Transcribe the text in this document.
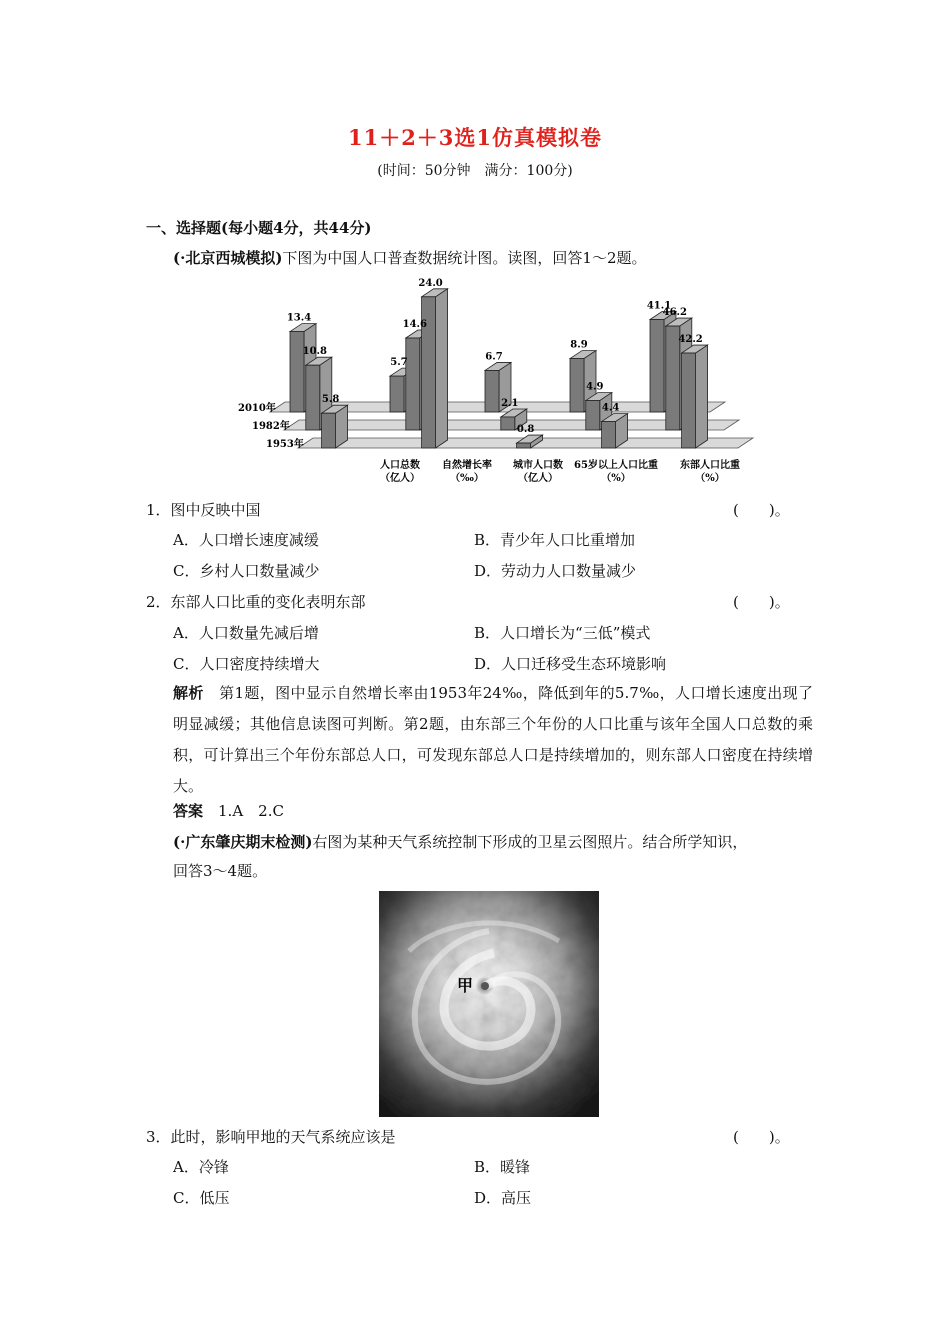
11＋2＋3选1仿真模拟卷
(时间：50分钟　满分：100分)
一、选择题(每小题4分，共44分)
(·北京西城模拟)下图为中国人口普查数据统计图。读图，回答1～2题。
2010年
1982年
1953年
13.4
5.7
6.7
8.9
41.1
10.8
14.6
2.1
4.9
46.2
5.8
24.0
0.8
4.4
42.2
人口总数
（亿人）
自然增长率
（‰）
城市人口数
（亿人）
65岁以上人口比重
（%）
东部人口比重
（%）
1．图中反映中国	(　　)。
A．人口增长速度减缓	B．青少年人口比重增加
C．乡村人口数量减少	D．劳动力人口数量减少
2．东部人口比重的变化表明东部	(　　)。
A．人口数量先减后增	B．人口增长为“三低”模式
C．人口密度持续增大	D．人口迁移受生态环境影响
解析　第1题，图中显示自然增长率由1953年24‰，降低到年的5.7‰，人口增长速度出现了明显减缓；其他信息读图可判断。第2题，由东部三个年份的人口比重与该年全国人口总数的乘积，可计算出三个年份东部总人口，可发现东部总人口是持续增加的，则东部人口密度在持续增大。
答案　1.A　2.C
(·广东肇庆期末检测)右图为某种天气系统控制下形成的卫星云图照片。结合所学知识，
回答3～4题。
甲
3．此时，影响甲地的天气系统应该是	(　　)。
A．冷锋	B．暖锋
C．低压	D．高压
